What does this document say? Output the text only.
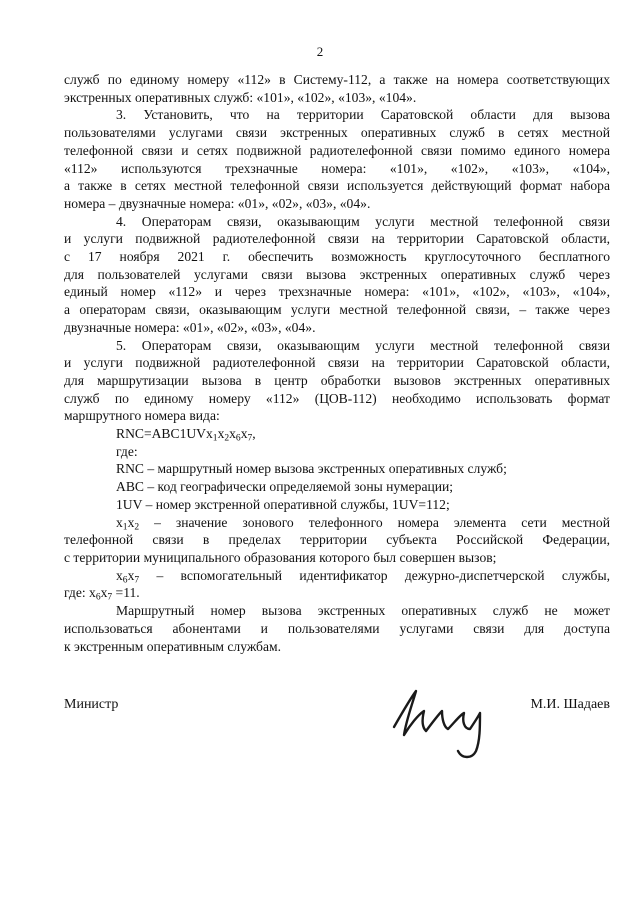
2

служб по единому номеру «112» в Систему-112, а также на номера соответствующих

экстренных оперативных служб: «101», «102», «103», «104».

3. Установить, что на территории Саратовской области для вызова

пользователями услугами связи экстренных оперативных служб в сетях местной

телефонной связи и сетях подвижной радиотелефонной связи помимо единого номера

«112» используются трехзначные номера: «101», «102», «103», «104»,

а также в сетях местной телефонной связи используется действующий формат набора

номера – двузначные номера: «01», «02», «03», «04».

4. Операторам связи, оказывающим услуги местной телефонной связи

и услуги подвижной радиотелефонной связи на территории Саратовской области,

с 17 ноября 2021 г. обеспечить возможность круглосуточного бесплатного

для пользователей услугами связи вызова экстренных оперативных служб через

единый номер «112» и через трехзначные номера: «101», «102», «103», «104»,

а операторам связи, оказывающим услуги местной телефонной связи, – также через

двузначные номера: «01», «02», «03», «04».

5. Операторам связи, оказывающим услуги местной телефонной связи

и услуги подвижной радиотелефонной связи на территории Саратовской области,

для маршрутизации вызова в центр обработки вызовов экстренных оперативных

служб по единому номеру «112» (ЦОВ-112) необходимо использовать формат

маршрутного номера вида:

$RNC=ABC1UVx_1x_2x_6x_7$,

где:

RNC – маршрутный номер вызова экстренных оперативных служб;

ABC – код географически определяемой зоны нумерации;

1UV – номер экстренной оперативной службы, 1UV=112;

$x_1x_2$ – значение зонового телефонного номера элемента сети местной

телефонной связи в пределах территории субъекта Российской Федерации,

с территории муниципального образования которого был совершен вызов;

$x_6x_7$ – вспомогательный идентификатор дежурно-диспетчерской службы,

где: $x_6x_7 =11$.

Маршрутный номер вызова экстренных оперативных служб не может

использоваться абонентами и пользователями услугами связи для доступа

к экстренным оперативным службам.

Министр	М.И. Шадаев
